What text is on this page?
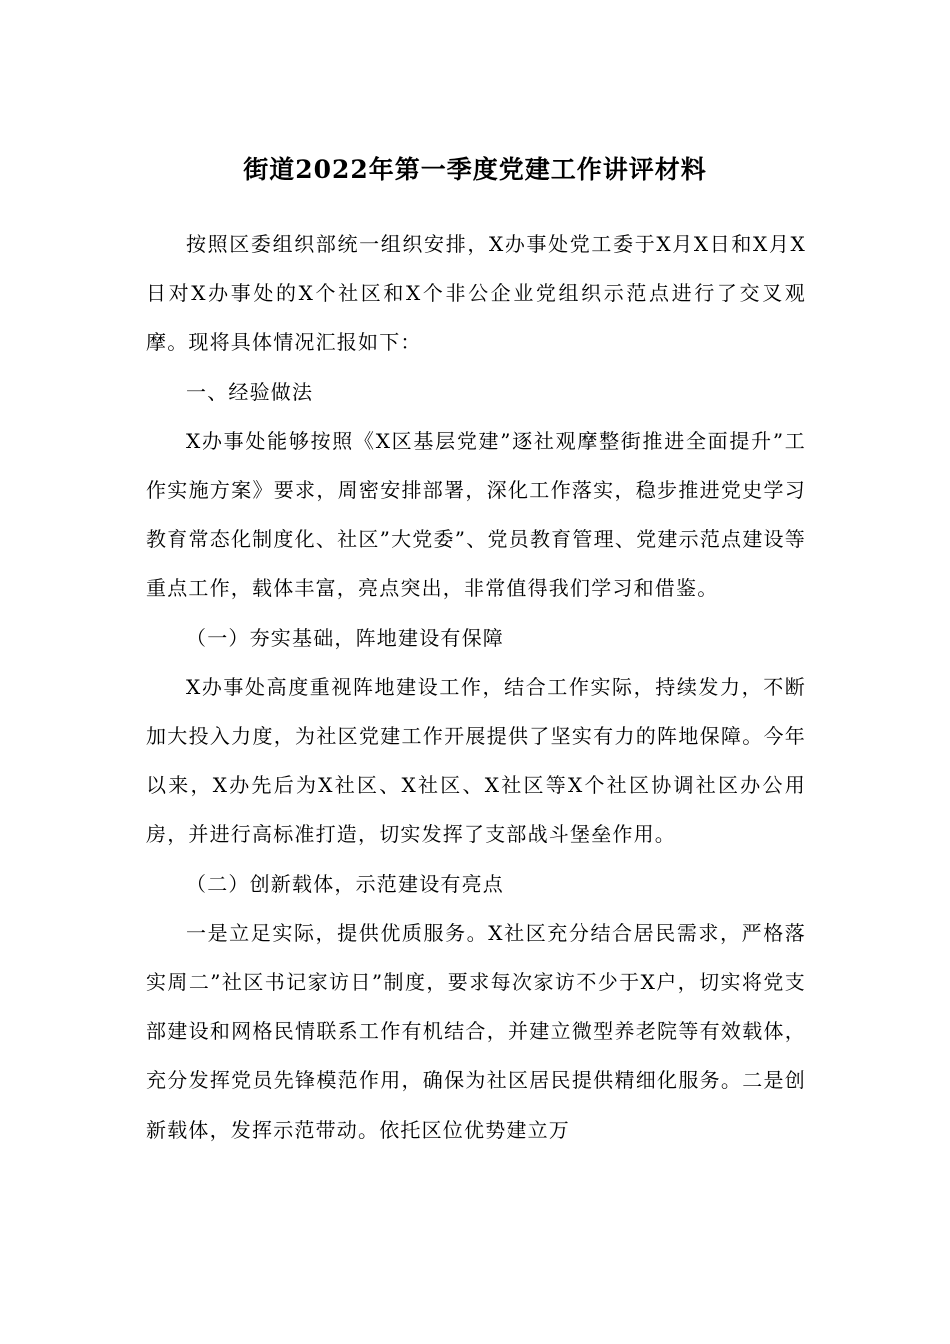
街道2022年第一季度党建工作讲评材料

按照区委组织部统一组织安排，X办事处党工委于X月X日和X月X日对X办事处的X个社区和X个非公企业党组织示范点进行了交叉观摩。现将具体情况汇报如下：

一、经验做法

X办事处能够按照《X区基层党建”逐社观摩整街推进全面提升”工作实施方案》要求，周密安排部署，深化工作落实，稳步推进党史学习教育常态化制度化、社区”大党委”、党员教育管理、党建示范点建设等重点工作，载体丰富，亮点突出，非常值得我们学习和借鉴。

（一）夯实基础，阵地建设有保障

X办事处高度重视阵地建设工作，结合工作实际，持续发力，不断加大投入力度，为社区党建工作开展提供了坚实有力的阵地保障。今年以来，X办先后为X社区、X社区、X社区等X个社区协调社区办公用房，并进行高标准打造，切实发挥了支部战斗堡垒作用。

（二）创新载体，示范建设有亮点

一是立足实际，提供优质服务。X社区充分结合居民需求，严格落实周二”社区书记家访日”制度，要求每次家访不少于X户，切实将党支部建设和网格民情联系工作有机结合，并建立微型养老院等有效载体，充分发挥党员先锋模范作用，确保为社区居民提供精细化服务。二是创新载体，发挥示范带动。依托区位优势建立万
